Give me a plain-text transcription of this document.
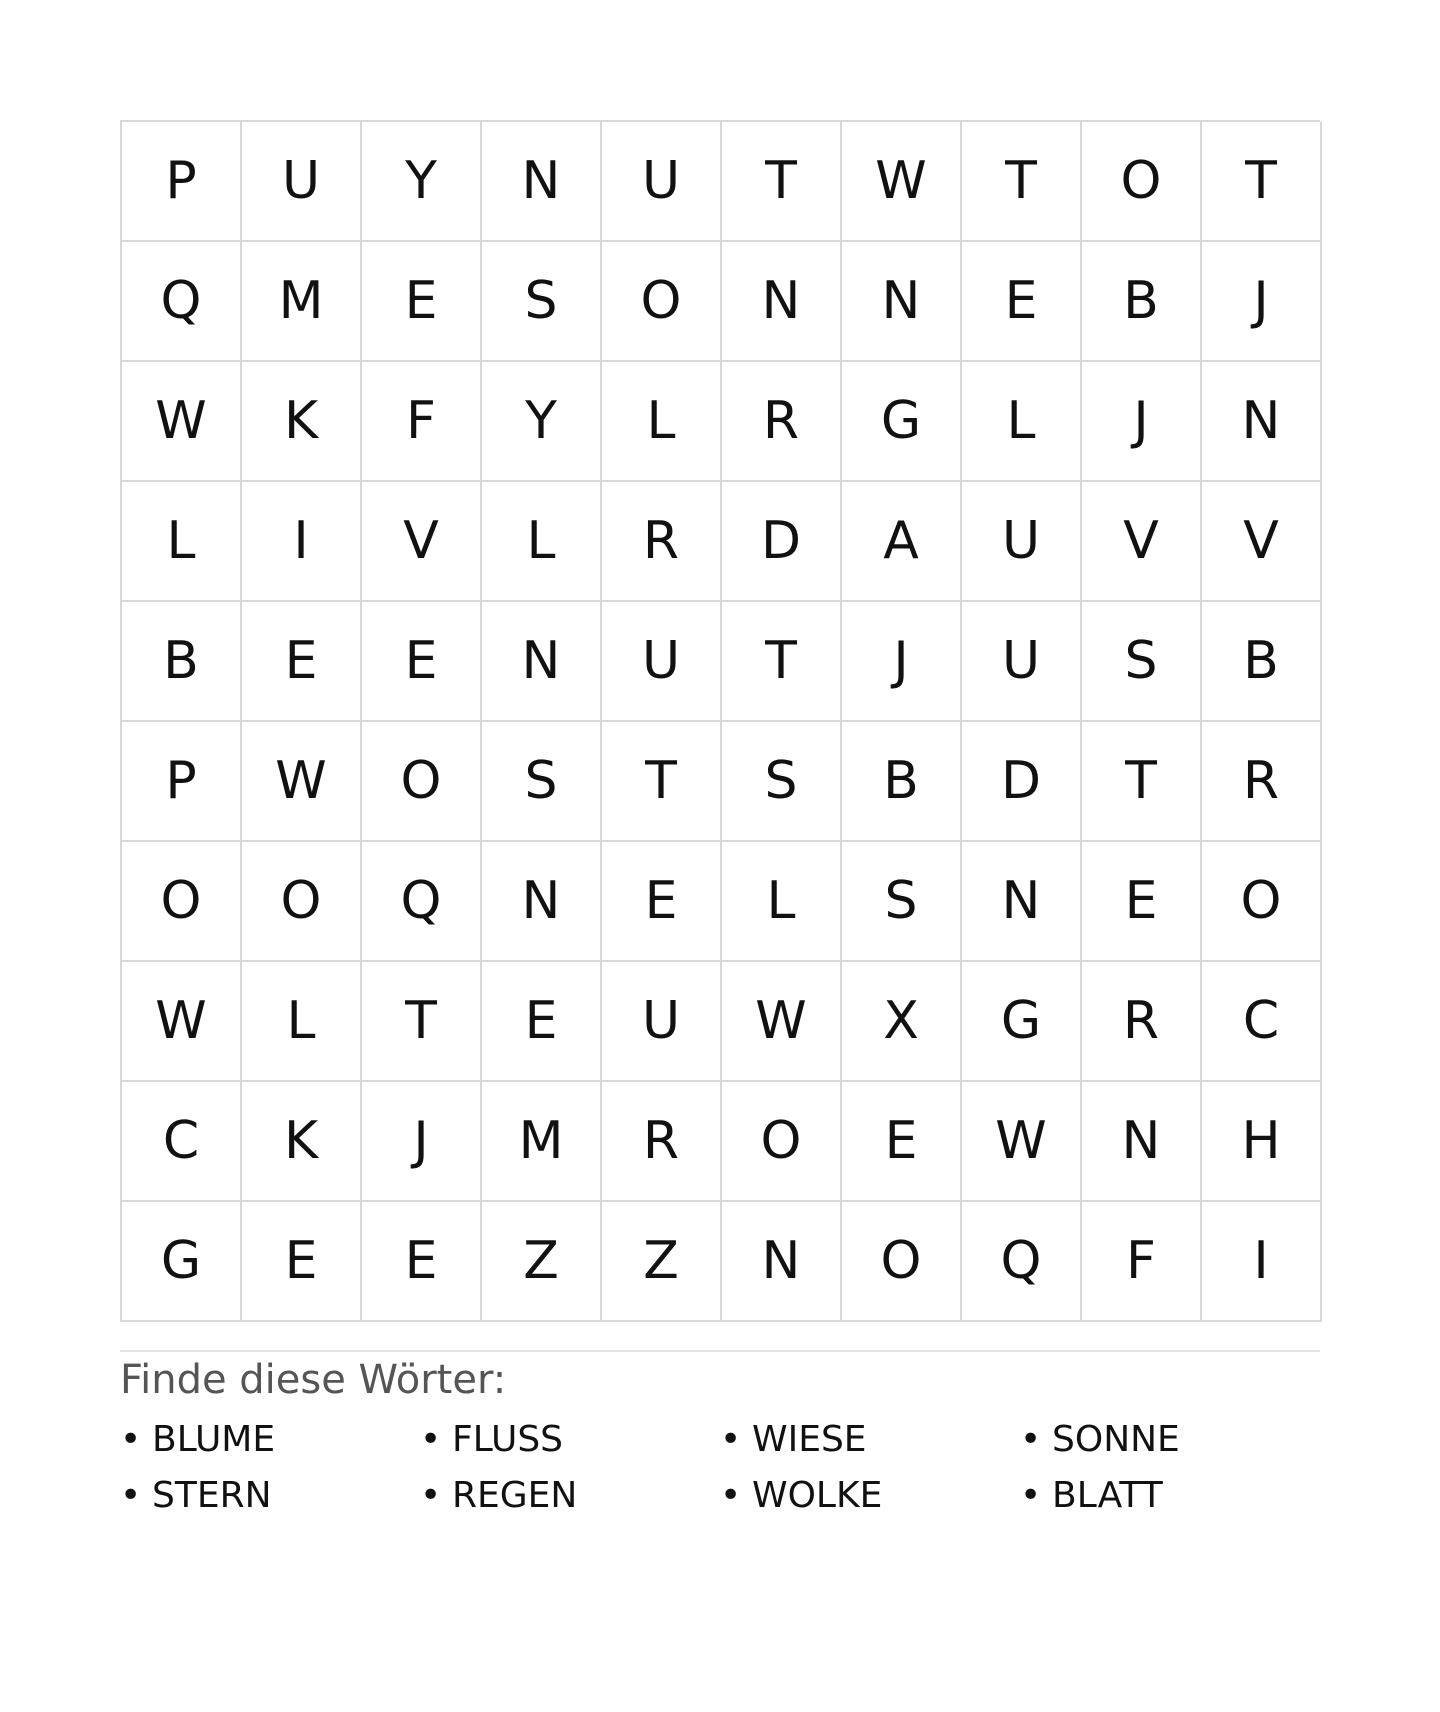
P	U	Y	N	U	T	W	T	O	T
Q	M	E	S	O	N	N	E	B	J
W	K	F	Y	L	R	G	L	J	N
L	I	V	L	R	D	A	U	V	V
B	E	E	N	U	T	J	U	S	B
P	W	O	S	T	S	B	D	T	R
O	O	Q	N	E	L	S	N	E	O
W	L	T	E	U	W	X	G	R	C
C	K	J	M	R	O	E	W	N	H
G	E	E	Z	Z	N	O	Q	F	I
Finde diese Wörter:
• BLUME	• FLUSS	• WIESE	• SONNE
• STERN	• REGEN	• WOLKE	• BLATT
